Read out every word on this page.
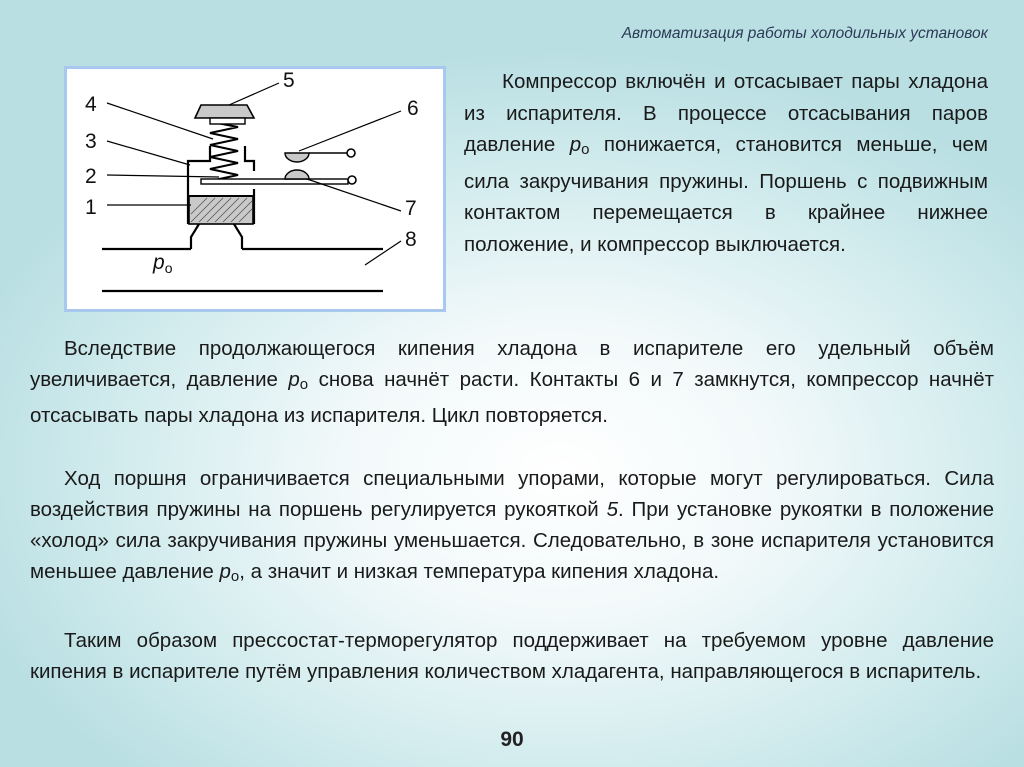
Автоматизация работы холодильных установок
5
4
3
2
1
6
7
8
po

Компрессор включён и отсасывает пары хладона из испарителя. В процессе отсасывания паров давление po понижается, становится меньше, чем сила закручивания пружины. Поршень с подвижным контактом перемещается в крайнее нижнее положение, и компрессор выключается.

Вследствие продолжающегося кипения хладона в испарителе его удельный объём увеличивается, давление po снова начнёт расти. Контакты 6 и 7 замкнутся, компрессор начнёт отсасывать пары хладона из испарителя. Цикл повторяется.

Ход поршня ограничивается специальными упорами, которые могут регулироваться. Сила воздействия пружины на поршень регулируется рукояткой 5. При установке рукоятки в положение «холод» сила закручивания пружины уменьшается. Следовательно, в зоне испарителя установится меньшее давление po, а значит и низкая температура кипения хладона.

Таким образом прессостат-терморегулятор поддерживает на требуемом уровне давление кипения в испарителе путём управления количеством хладагента, направляющегося в испаритель.

90
